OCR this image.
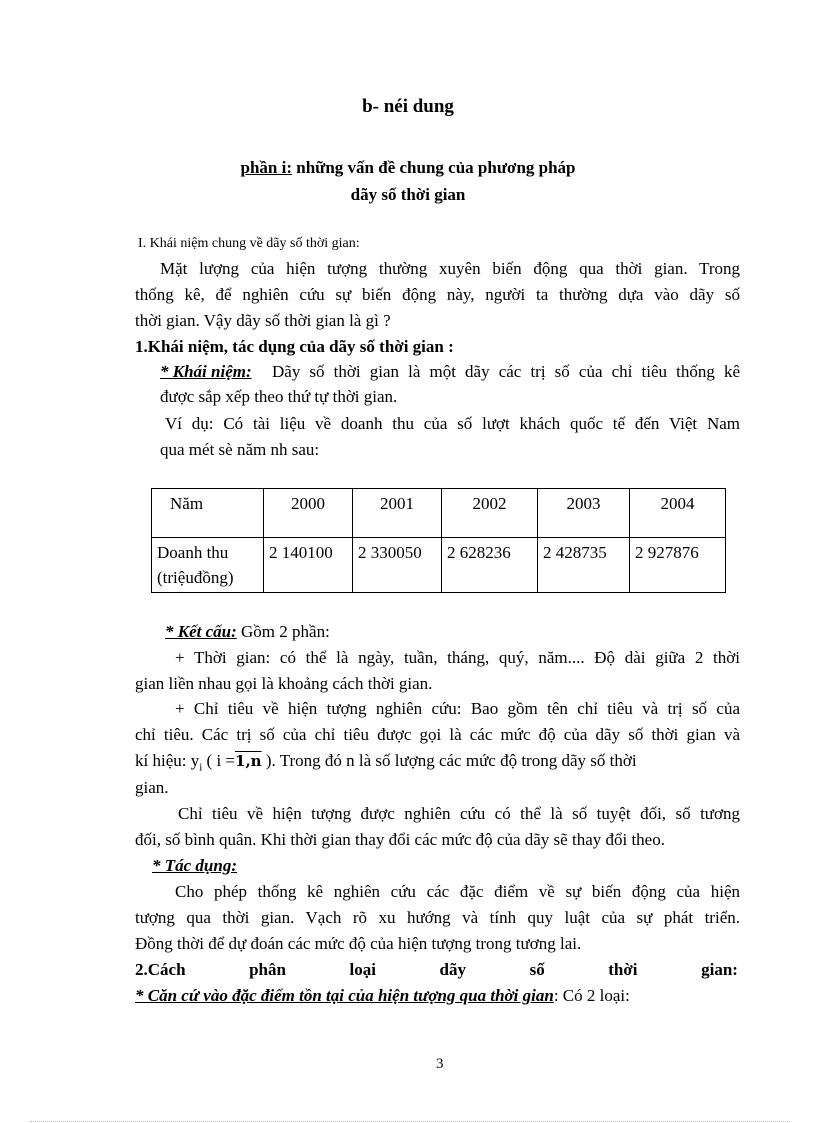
b- néi dung
phần i: những vấn đề chung của phương pháp
dãy số thời gian
I. Khái niệm chung về dãy số thời gian:
Mặt lượng của hiện tượng thường xuyên biến động qua thời gian. Trong
thống kê, để nghiên cứu sự biến động này, người ta thường dựa vào dãy số
thời gian. Vậy dãy số thời gian là gì ?
1.Khái niệm, tác dụng của dãy số thời gian :
* Khái niệm: Dãy số thời gian là một dãy các trị số của chỉ tiêu thống kê
được sắp xếp theo thứ tự thời gian.
Ví dụ: Có tài liệu về doanh thu của số lượt khách quốc tế đến Việt Nam
qua mét sè năm nh sau:
Năm	2000	2001	2002	2003	2004

Doanh thu
(triệuđồng)	2 140100	2 330050	2 628236	2 428735	2 927876
* Kết cấu: Gồm 2 phần:
+ Thời gian: có thể là ngày, tuần, tháng, quý, năm.... Độ dài giữa 2 thời
gian liền nhau gọi là khoảng cách thời gian.
+ Chỉ tiêu về hiện tượng nghiên cứu: Bao gồm tên chỉ tiêu và trị số của
chỉ tiêu. Các trị số của chỉ tiêu được gọi là các mức độ của dãy số thời gian và
kí hiệu: $y_i$ ( i =1,n ). Trong đó n là số lượng các mức độ trong dãy số thời
gian.
Chỉ tiêu về hiện tượng được nghiên cứu có thể là số tuyệt đối, số tương
đối, số bình quân. Khi thời gian thay đổi các mức độ của dãy sẽ thay đổi theo.
* Tác dụng:
Cho phép thống kê nghiên cứu các đặc điểm về sự biến động của hiện
tượng qua thời gian. Vạch rõ xu hướng và tính quy luật của sự phát triển.
Đồng thời để dự đoán các mức độ của hiện tượng trong tương lai.
2.Cách	phân	loại	dãy	số	thời	gian:
* Căn cứ vào đặc điểm tồn tại của hiện tượng qua thời gian: Có 2 loại:
3
